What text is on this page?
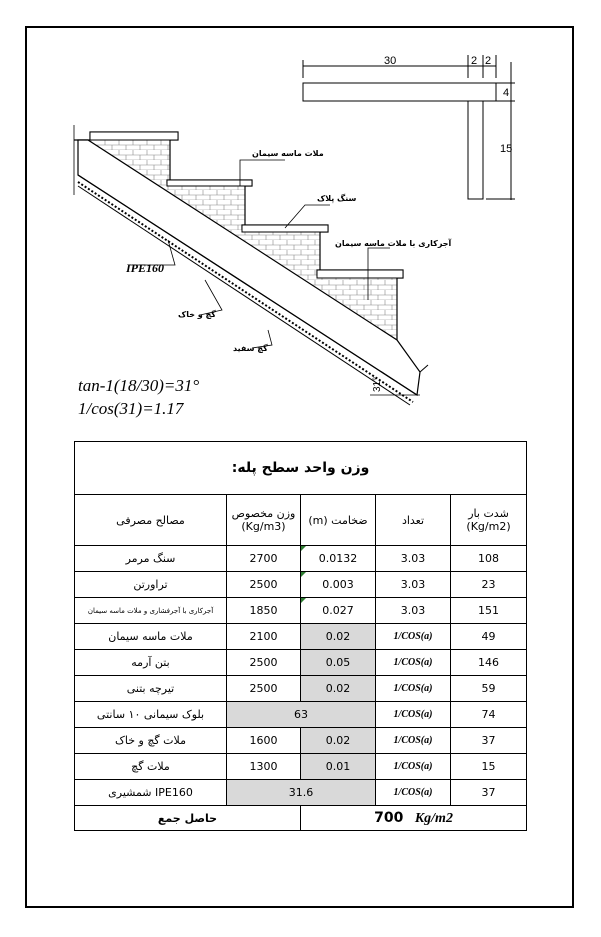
30	2 2
4
15
ملات ماسه سیمان
سنگ پلاک
آجرکاری با ملات ماسه سیمان
IPE160
گچ و خاک
گچ سفید
31°
tan-1(18/30)=31°
1/cos(31)=1.17
وزن واحد سطح پله:				
مصالح مصرفی	وزن مخصوص (Kg/m3)	ضخامت (m)	تعداد	شدت بار (Kg/m2)
سنگ مرمر	2700	0.0132	3.03	108
تراورتن	2500	0.003	3.03	23
آجرکاری با آجرفشاری و ملات ماسه سیمان	1850	0.027	3.03	151
ملات ماسه سیمان	2100	0.02	1/COS(a)	49
بتن آرمه	2500	0.05	1/COS(a)	146
تیرچه بتنی	2500	0.02	1/COS(a)	59
بلوک سیمانی ۱۰ سانتی	63		1/COS(a)	74
ملات گچ و خاک	1600	0.02	1/COS(a)	37
ملات گچ	1300	0.01	1/COS(a)	15
شمشیری IPE160	31.6		1/COS(a)	37
حاصل جمع		700 Kg/m2		
